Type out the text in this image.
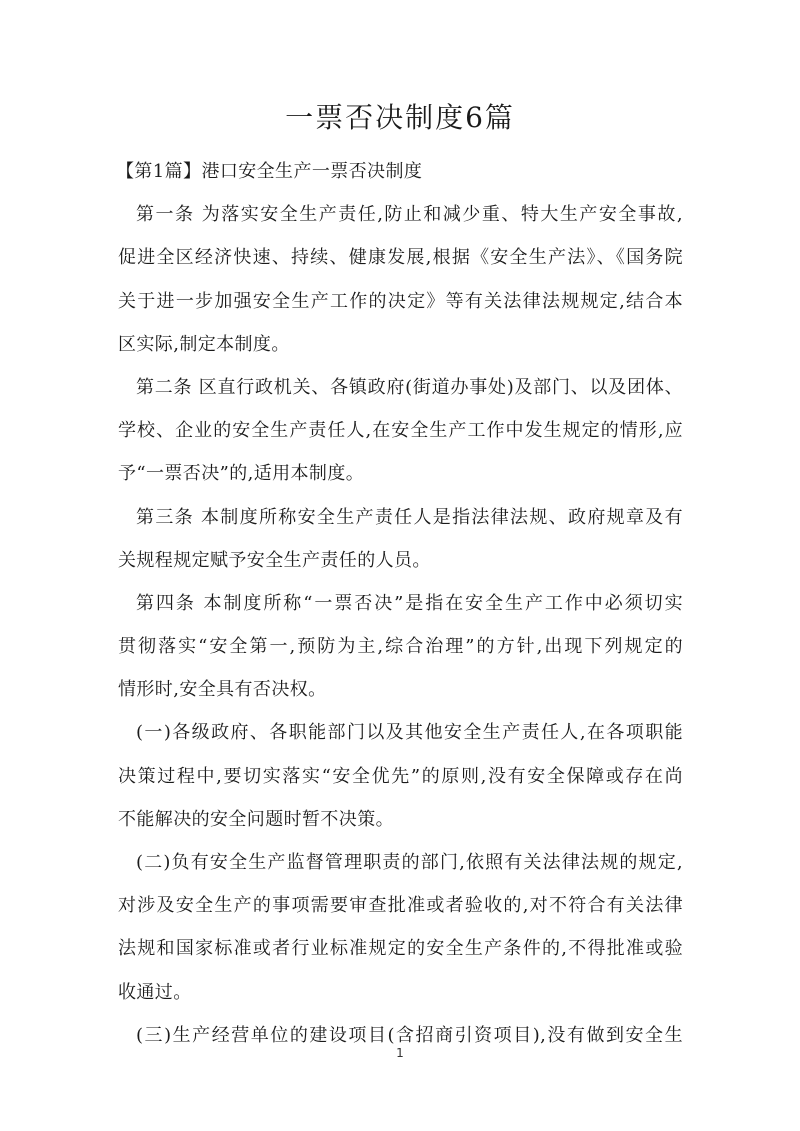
一票否决制度6篇
【第1篇】港口安全生产一票否决制度
第一条 为落实安全生产责任,防止和减少重、特大生产安全事故,
促进全区经济快速、持续、健康发展,根据《安全生产法》、《国务院
关于进一步加强安全生产工作的决定》等有关法律法规规定,结合本
区实际,制定本制度。
第二条 区直行政机关、各镇政府(街道办事处)及部门、以及团体、
学校、企业的安全生产责任人,在安全生产工作中发生规定的情形,应
予“一票否决”的,适用本制度。
第三条 本制度所称安全生产责任人是指法律法规、政府规章及有
关规程规定赋予安全生产责任的人员。
第四条 本制度所称“一票否决”是指在安全生产工作中必须切实
贯彻落实“安全第一,预防为主,综合治理”的方针,出现下列规定的
情形时,安全具有否决权。
(一)各级政府、各职能部门以及其他安全生产责任人,在各项职能
决策过程中,要切实落实“安全优先”的原则,没有安全保障或存在尚
不能解决的安全问题时暂不决策。
(二)负有安全生产监督管理职责的部门,依照有关法律法规的规定,
对涉及安全生产的事项需要审查批准或者验收的,对不符合有关法律
法规和国家标准或者行业标准规定的安全生产条件的,不得批准或验
收通过。
(三)生产经营单位的建设项目(含招商引资项目),没有做到安全生
1
